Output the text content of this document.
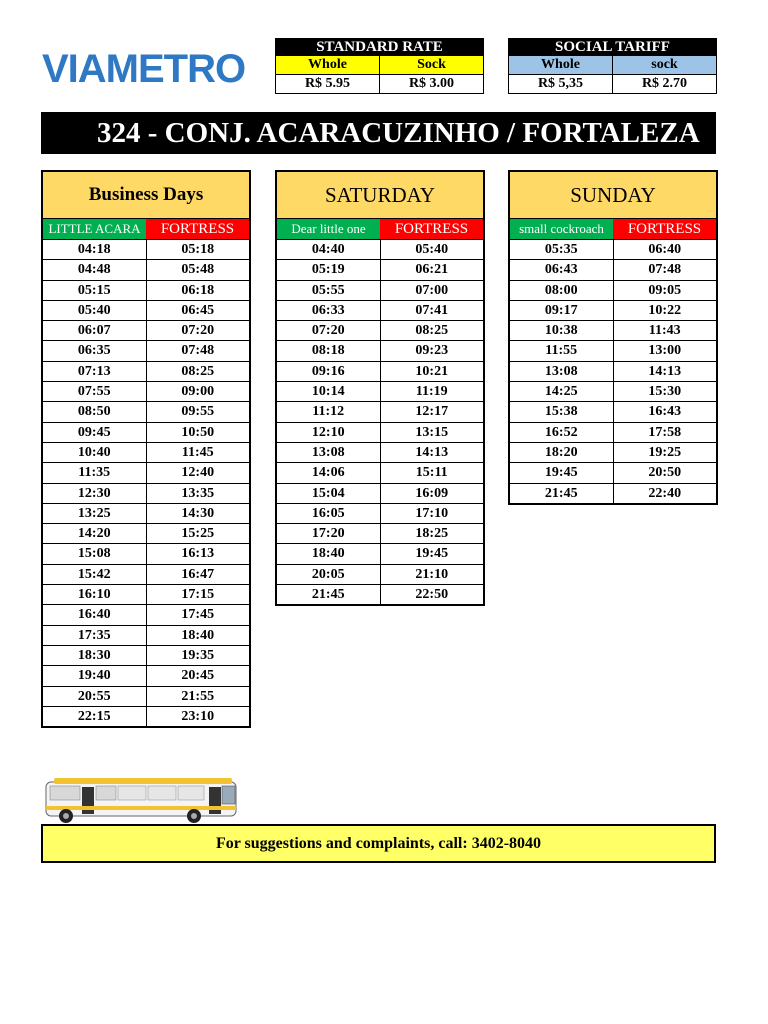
VIAMETRO	STANDARD RATE
Whole	Sock
R$ 5.95	R$ 3.00
SOCIAL TARIFF
Whole	sock
R$ 5,35	R$ 2.70
324 - CONJ. ACARACUZINHO / FORTALEZA
Business Days
LITTLE ACARA	FORTRESS
04:18	05:18
04:48	05:48
05:15	06:18
05:40	06:45
06:07	07:20
06:35	07:48
07:13	08:25
07:55	09:00
08:50	09:55
09:45	10:50
10:40	11:45
11:35	12:40
12:30	13:35
13:25	14:30
14:20	15:25
15:08	16:13
15:42	16:47
16:10	17:15
16:40	17:45
17:35	18:40
18:30	19:35
19:40	20:45
20:55	21:55
22:15	23:10
SATURDAY
Dear little one	FORTRESS
04:40	05:40
05:19	06:21
05:55	07:00
06:33	07:41
07:20	08:25
08:18	09:23
09:16	10:21
10:14	11:19
11:12	12:17
12:10	13:15
13:08	14:13
14:06	15:11
15:04	16:09
16:05	17:10
17:20	18:25
18:40	19:45
20:05	21:10
21:45	22:50
SUNDAY
small cockroach	FORTRESS
05:35	06:40
06:43	07:48
08:00	09:05
09:17	10:22
10:38	11:43
11:55	13:00
13:08	14:13
14:25	15:30
15:38	16:43
16:52	17:58
18:20	19:25
19:45	20:50
21:45	22:40
For suggestions and complaints, call: 3402-8040
